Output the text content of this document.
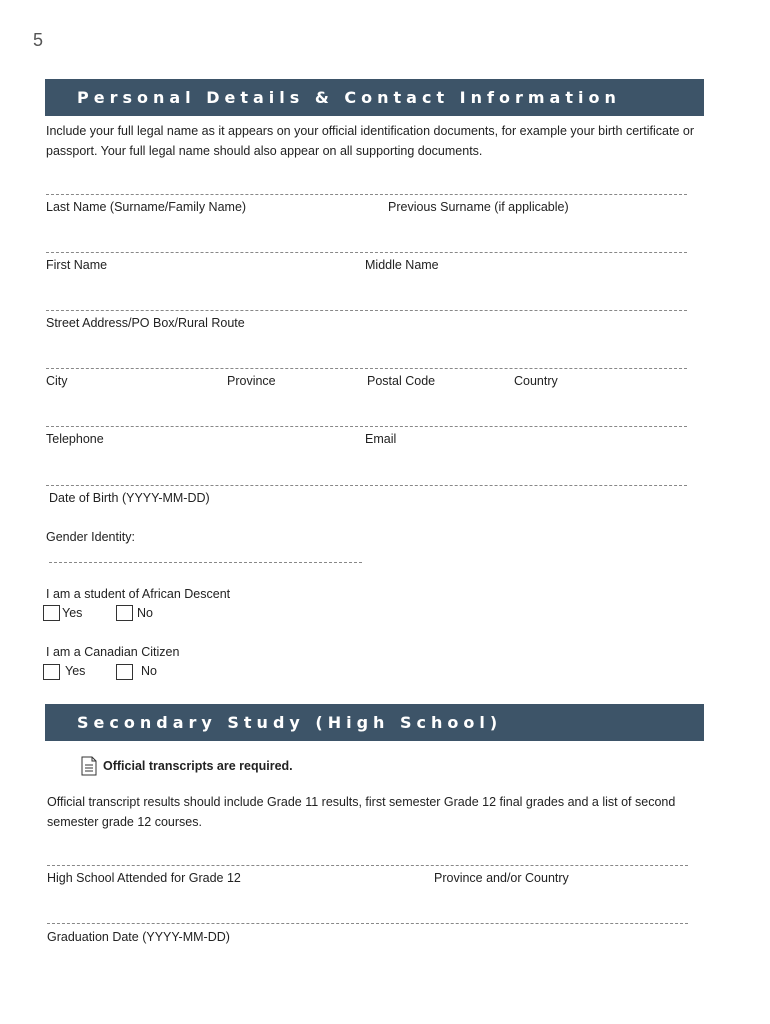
5
Personal Details & Contact Information
Include your full legal name as it appears on your official identification documents, for example your birth certificate or passport. Your full legal name should also appear on all supporting documents.
Last Name (Surname/Family Name)	Previous Surname (if applicable)
First Name	Middle Name
Street Address/PO Box/Rural Route
City	Province	Postal Code	Country
Telephone	Email
Date of Birth (YYYY-MM-DD)
Gender Identity:
I am a student of African Descent
Yes	No
I am a Canadian Citizen
Yes	No
Secondary Study (High School)
Official transcripts are required.
Official transcript results should include Grade 11 results, first semester Grade 12 final grades and a list of second semester grade 12 courses.
High School Attended for Grade 12	Province and/or Country
Graduation Date (YYYY-MM-DD)
